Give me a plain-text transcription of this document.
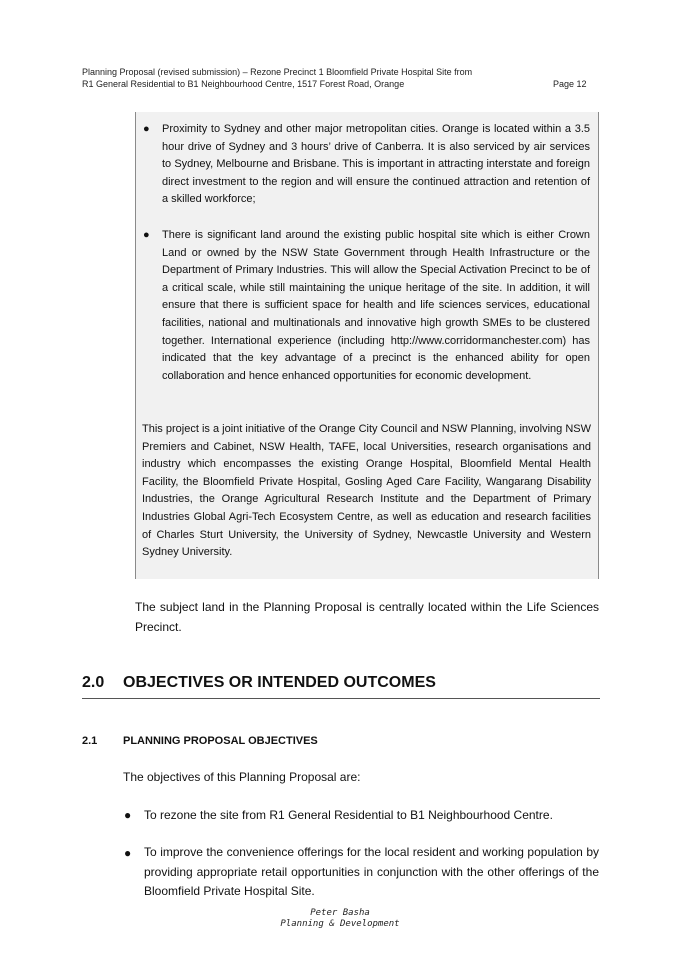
Planning Proposal (revised submission) – Rezone Precinct 1 Bloomfield Private Hospital Site from
R1 General Residential to B1 Neighbourhood Centre, 1517 Forest Road, Orange	Page 12
● Proximity to Sydney and other major metropolitan cities. Orange is located within a 3.5 hour drive of Sydney and 3 hours’ drive of Canberra. It is also serviced by air services to Sydney, Melbourne and Brisbane. This is important in attracting interstate and foreign direct investment to the region and will ensure the continued attraction and retention of a skilled workforce;
● There is significant land around the existing public hospital site which is either Crown Land or owned by the NSW State Government through Health Infrastructure or the Department of Primary Industries. This will allow the Special Activation Precinct to be of a critical scale, while still maintaining the unique heritage of the site. In addition, it will ensure that there is sufficient space for health and life sciences services, educational facilities, national and multinationals and innovative high growth SMEs to be clustered together. International experience (including http://www.corridormanchester.com) has indicated that the key advantage of a precinct is the enhanced ability for open collaboration and hence enhanced opportunities for economic development.
This project is a joint initiative of the Orange City Council and NSW Planning, involving NSW Premiers and Cabinet, NSW Health, TAFE, local Universities, research organisations and industry which encompasses the existing Orange Hospital, Bloomfield Mental Health Facility, the Bloomfield Private Hospital, Gosling Aged Care Facility, Wangarang Disability Industries, the Orange Agricultural Research Institute and the Department of Primary Industries Global Agri-Tech Ecosystem Centre, as well as education and research facilities of Charles Sturt University, the University of Sydney, Newcastle University and Western Sydney University.
The subject land in the Planning Proposal is centrally located within the Life Sciences Precinct.
2.0 OBJECTIVES OR INTENDED OUTCOMES
2.1 PLANNING PROPOSAL OBJECTIVES
The objectives of this Planning Proposal are:
● To rezone the site from R1 General Residential to B1 Neighbourhood Centre.
● To improve the convenience offerings for the local resident and working population by providing appropriate retail opportunities in conjunction with the other offerings of the Bloomfield Private Hospital Site.
Peter Basha
Planning & Development
